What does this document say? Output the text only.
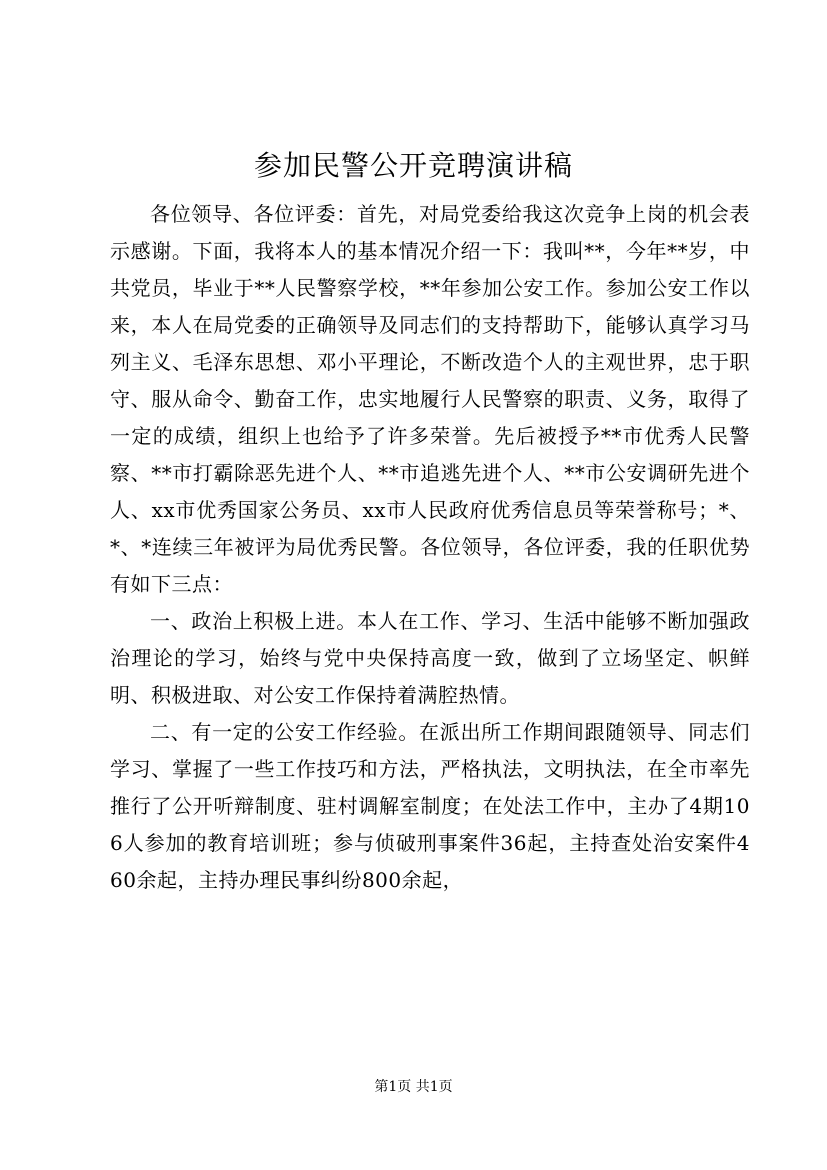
参加民警公开竞聘演讲稿

各位领导、各位评委：首先，对局党委给我这次竞争上岗的机会表示感谢。下面，我将本人的基本情况介绍一下：我叫**，今年**岁，中共党员，毕业于**人民警察学校，**年参加公安工作。参加公安工作以来，本人在局党委的正确领导及同志们的支持帮助下，能够认真学习马列主义、毛泽东思想、邓小平理论，不断改造个人的主观世界，忠于职守、服从命令、勤奋工作，忠实地履行人民警察的职责、义务，取得了一定的成绩，组织上也给予了许多荣誉。先后被授予**市优秀人民警察、**市打霸除恶先进个人、**市追逃先进个人、**市公安调研先进个人、xx市优秀国家公务员、xx市人民政府优秀信息员等荣誉称号；*、*、*连续三年被评为局优秀民警。各位领导，各位评委，我的任职优势有如下三点：

一、政治上积极上进。本人在工作、学习、生活中能够不断加强政治理论的学习，始终与党中央保持高度一致，做到了立场坚定、帜鲜明、积极进取、对公安工作保持着满腔热情。

二、有一定的公安工作经验。在派出所工作期间跟随领导、同志们学习、掌握了一些工作技巧和方法，严格执法，文明执法，在全市率先推行了公开听辩制度、驻村调解室制度；在处法工作中，主办了4期106人参加的教育培训班；参与侦破刑事案件36起，主持查处治安案件460余起，主持办理民事纠纷800余起，

第1页 共1页
